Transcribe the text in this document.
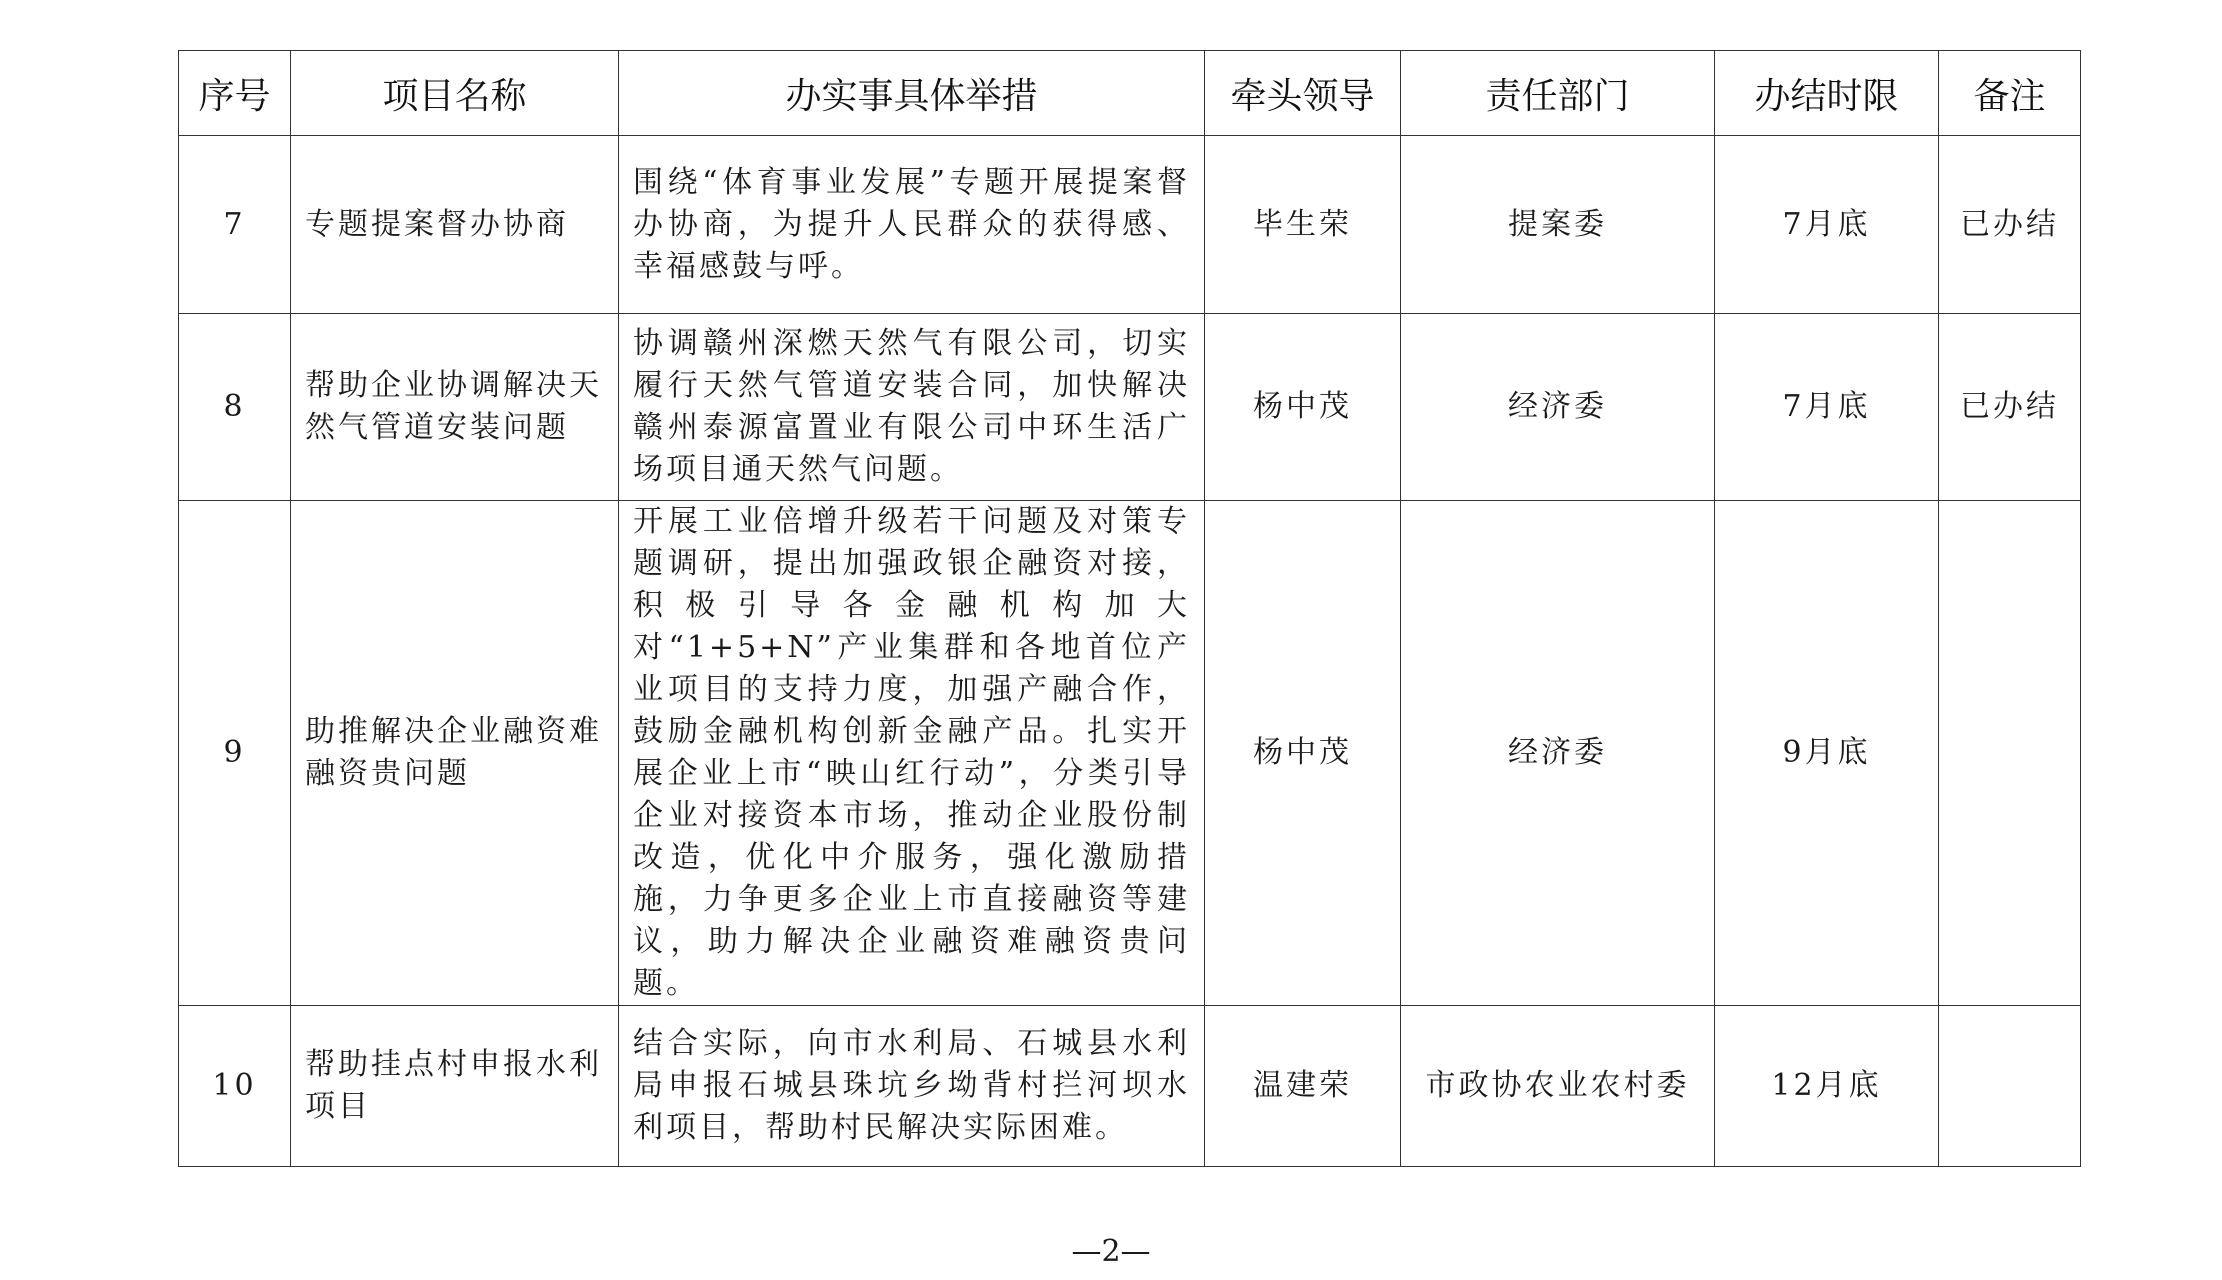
序号	项目名称	办实事具体举措	牵头领导	责任部门	办结时限	备注
7	专题提案督办协商	围绕“体育事业发展”专题开展提案督办协商，为提升人民群众的获得感、幸福感鼓与呼。	毕生荣	提案委	7月底	已办结
8	帮助企业协调解决天然气管道安装问题	协调赣州深燃天然气有限公司，切实履行天然气管道安装合同，加快解决赣州泰源富置业有限公司中环生活广场项目通天然气问题。	杨中茂	经济委	7月底	已办结
9	助推解决企业融资难融资贵问题	开展工业倍增升级若干问题及对策专题调研，提出加强政银企融资对接，积极引导各金融机构加大对“1+5+N”产业集群和各地首位产业项目的支持力度，加强产融合作，鼓励金融机构创新金融产品。扎实开展企业上市“映山红行动”，分类引导企业对接资本市场，推动企业股份制改造，优化中介服务，强化激励措施，力争更多企业上市直接融资等建议，助力解决企业融资难融资贵问题。	杨中茂	经济委	9月底	
10	帮助挂点村申报水利项目	结合实际，向市水利局、石城县水利局申报石城县珠坑乡坳背村拦河坝水利项目，帮助村民解决实际困难。	温建荣	市政协农业农村委	12月底	
—2—
